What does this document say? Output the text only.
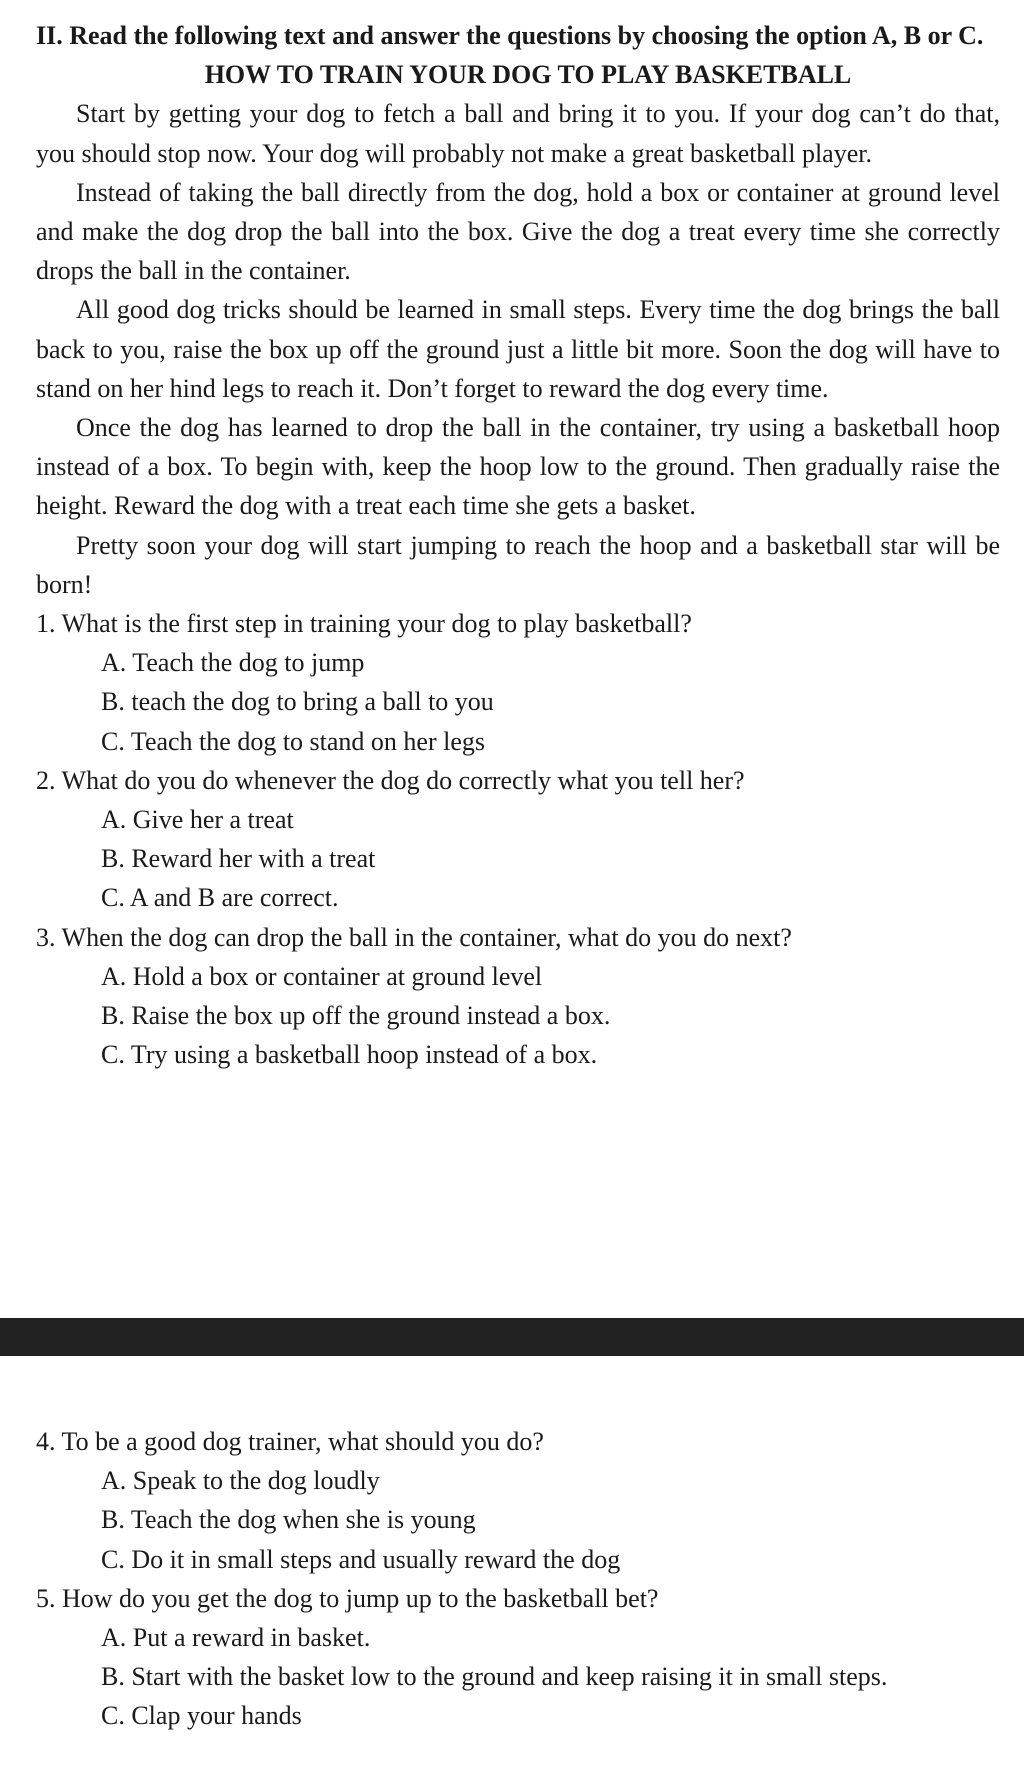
II. Read the following text and answer the questions by choosing the option A, B or C.

HOW TO TRAIN YOUR DOG TO PLAY BASKETBALL

Start by getting your dog to fetch a ball and bring it to you. If your dog can’t do that, you should stop now. Your dog will probably not make a great basketball player.

Instead of taking the ball directly from the dog, hold a box or container at ground level and make the dog drop the ball into the box. Give the dog a treat every time she correctly drops the ball in the container.

All good dog tricks should be learned in small steps. Every time the dog brings the ball back to you, raise the box up off the ground just a little bit more. Soon the dog will have to stand on her hind legs to reach it. Don’t forget to reward the dog every time.

Once the dog has learned to drop the ball in the container, try using a basketball hoop instead of a box. To begin with, keep the hoop low to the ground. Then gradually raise the height. Reward the dog with a treat each time she gets a basket.

Pretty soon your dog will start jumping to reach the hoop and a basketball star will be born!

1. What is the first step in training your dog to play basketball?

A. Teach the dog to jump

B. teach the dog to bring a ball to you

C. Teach the dog to stand on her legs

2. What do you do whenever the dog do correctly what you tell her?

A. Give her a treat

B. Reward her with a treat

C. A and B are correct.

3. When the dog can drop the ball in the container, what do you do next?

A. Hold a box or container at ground level

B. Raise the box up off the ground instead a box.

C. Try using a basketball hoop instead of a box.

4. To be a good dog trainer, what should you do?

A. Speak to the dog loudly

B. Teach the dog when she is young

C. Do it in small steps and usually reward the dog

5. How do you get the dog to jump up to the basketball bet?

A. Put a reward in basket.

B. Start with the basket low to the ground and keep raising it in small steps.

C. Clap your hands
